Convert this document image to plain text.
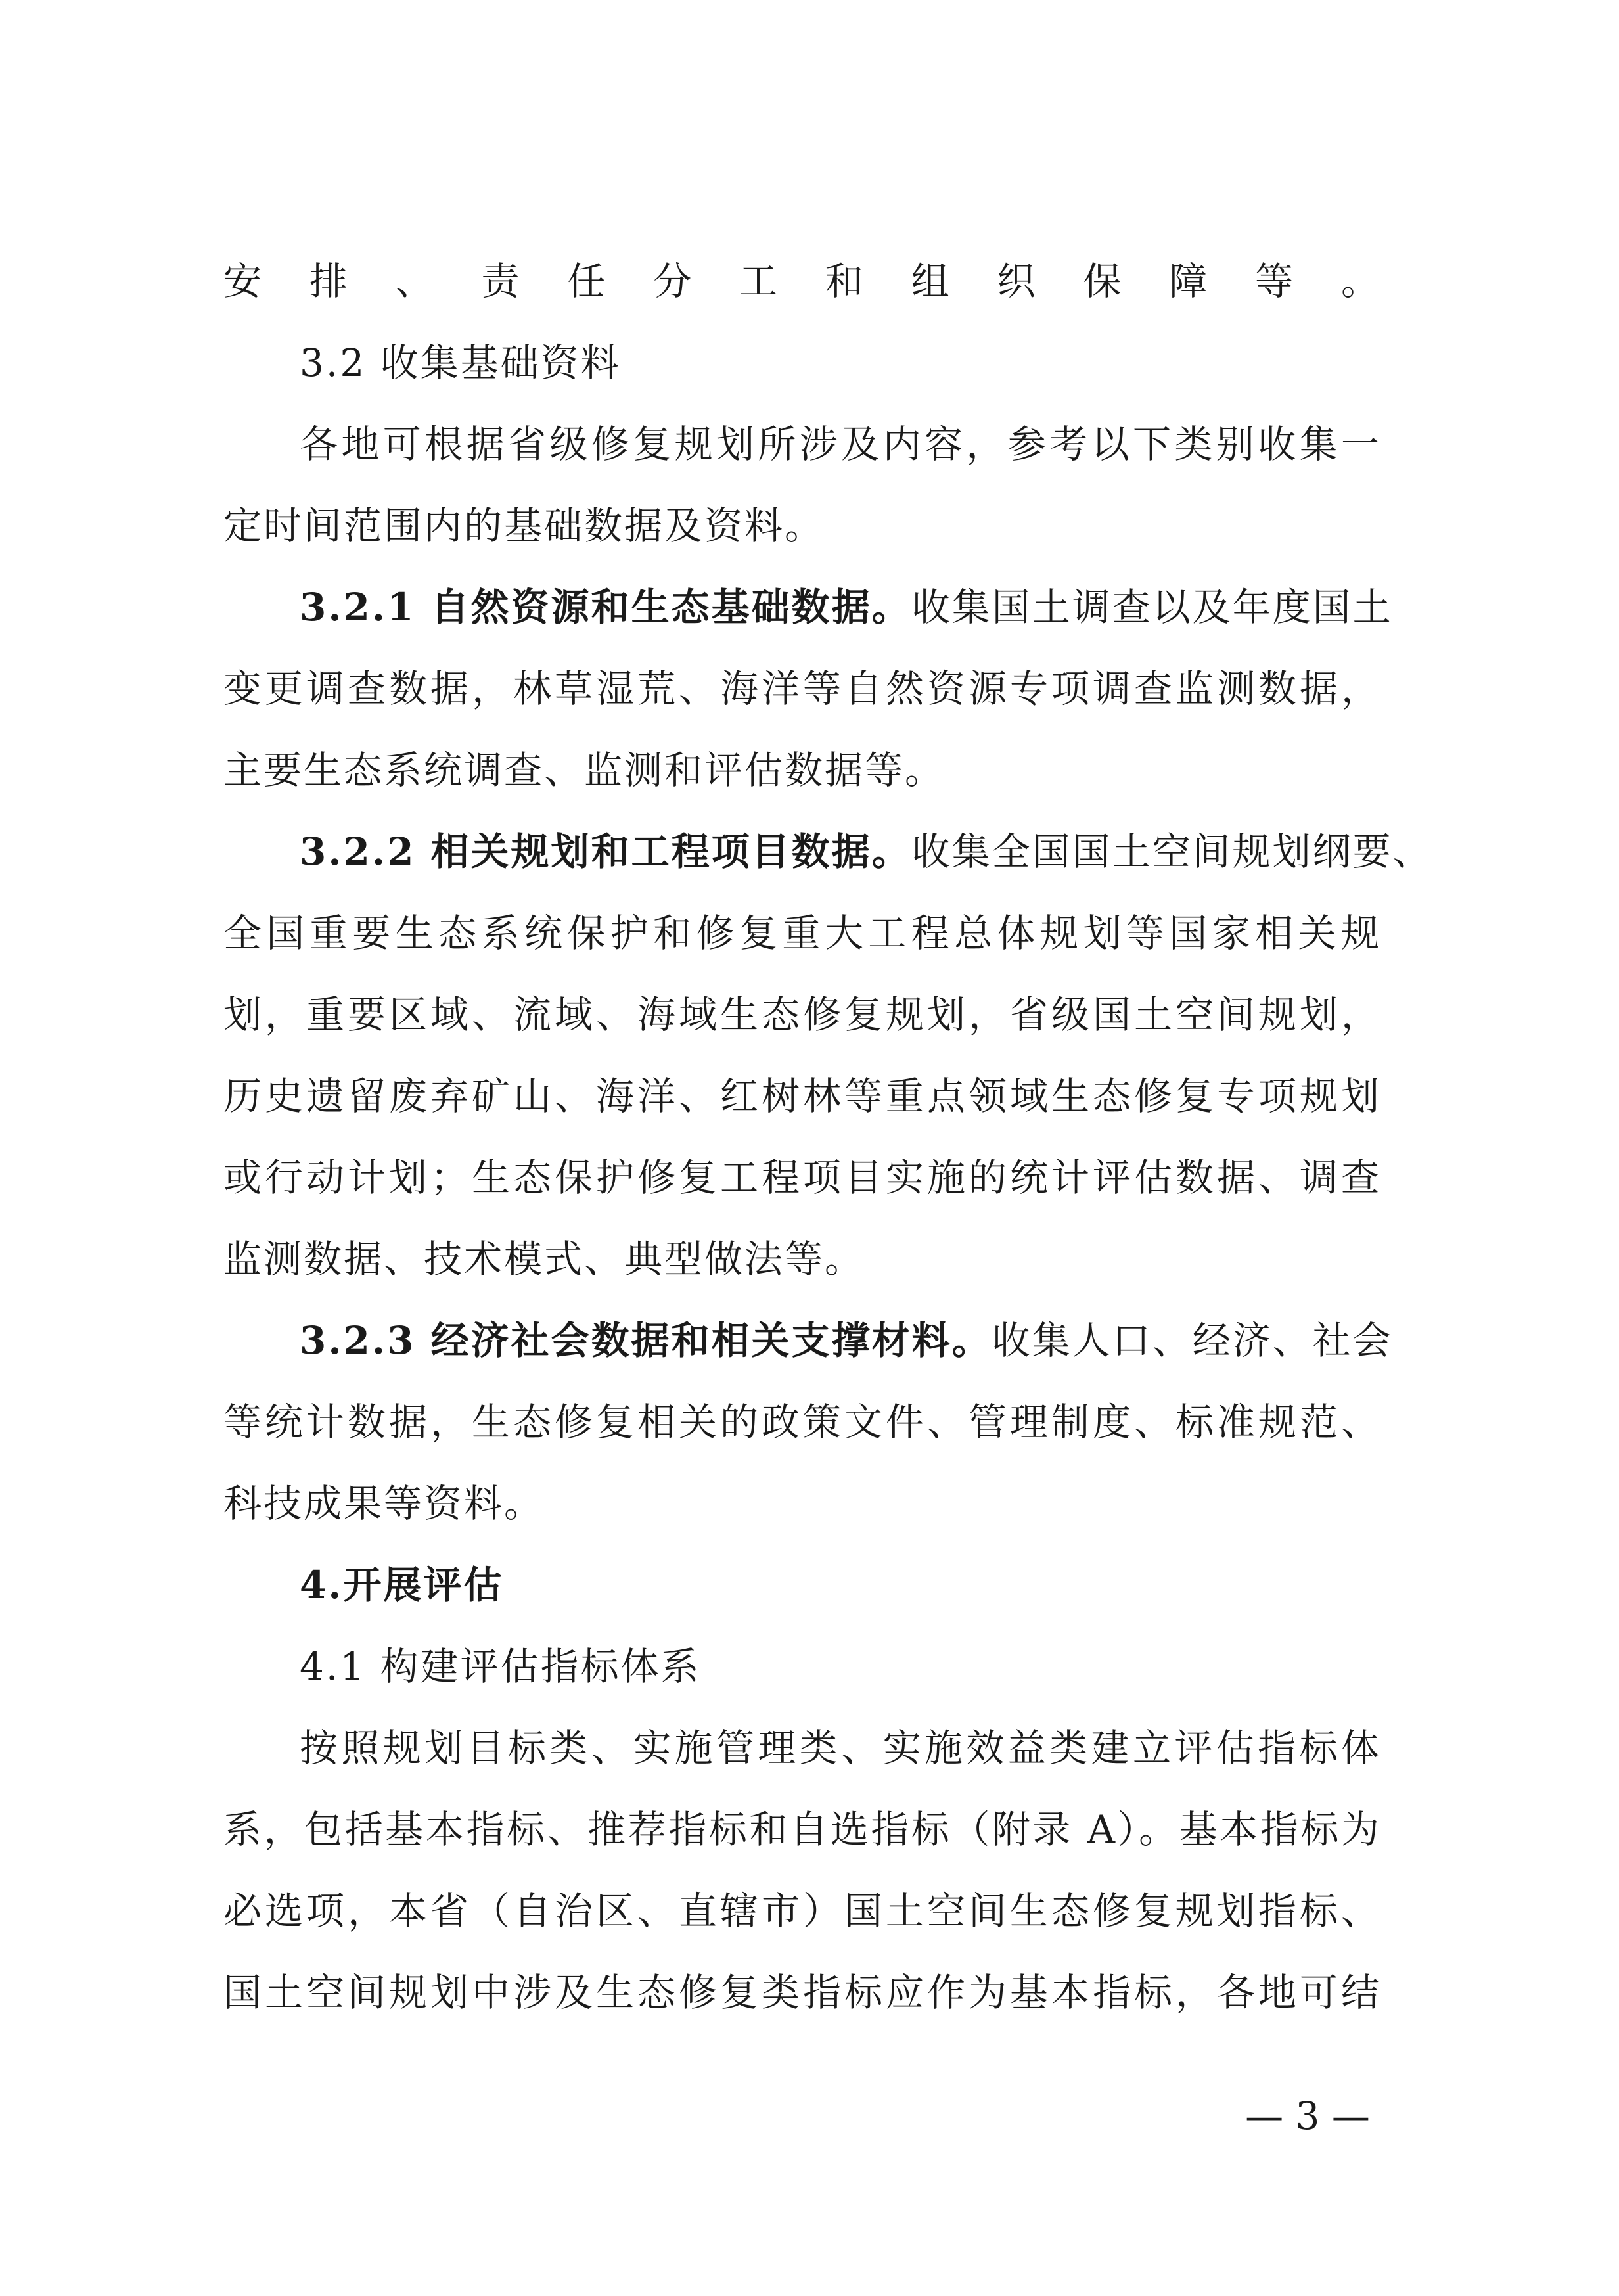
安排、责任分工和组织保障等。
3.2 收集基础资料
各地可根据省级修复规划所涉及内容，参考以下类别收集一
定时间范围内的基础数据及资料。
3.2.1 自然资源和生态基础数据。收集国土调查以及年度国土
变更调查数据，林草湿荒、海洋等自然资源专项调查监测数据，
主要生态系统调查、监测和评估数据等。
3.2.2 相关规划和工程项目数据。收集全国国土空间规划纲要、
全国重要生态系统保护和修复重大工程总体规划等国家相关规
划，重要区域、流域、海域生态修复规划，省级国土空间规划，
历史遗留废弃矿山、海洋、红树林等重点领域生态修复专项规划
或行动计划；生态保护修复工程项目实施的统计评估数据、调查
监测数据、技术模式、典型做法等。
3.2.3 经济社会数据和相关支撑材料。收集人口、经济、社会
等统计数据，生态修复相关的政策文件、管理制度、标准规范、
科技成果等资料。
4.开展评估
4.1 构建评估指标体系
按照规划目标类、实施管理类、实施效益类建立评估指标体
系，包括基本指标、推荐指标和自选指标（附录 A）。基本指标为
必选项，本省（自治区、直辖市）国土空间生态修复规划指标、
国土空间规划中涉及生态修复类指标应作为基本指标，各地可结
— 3 —
